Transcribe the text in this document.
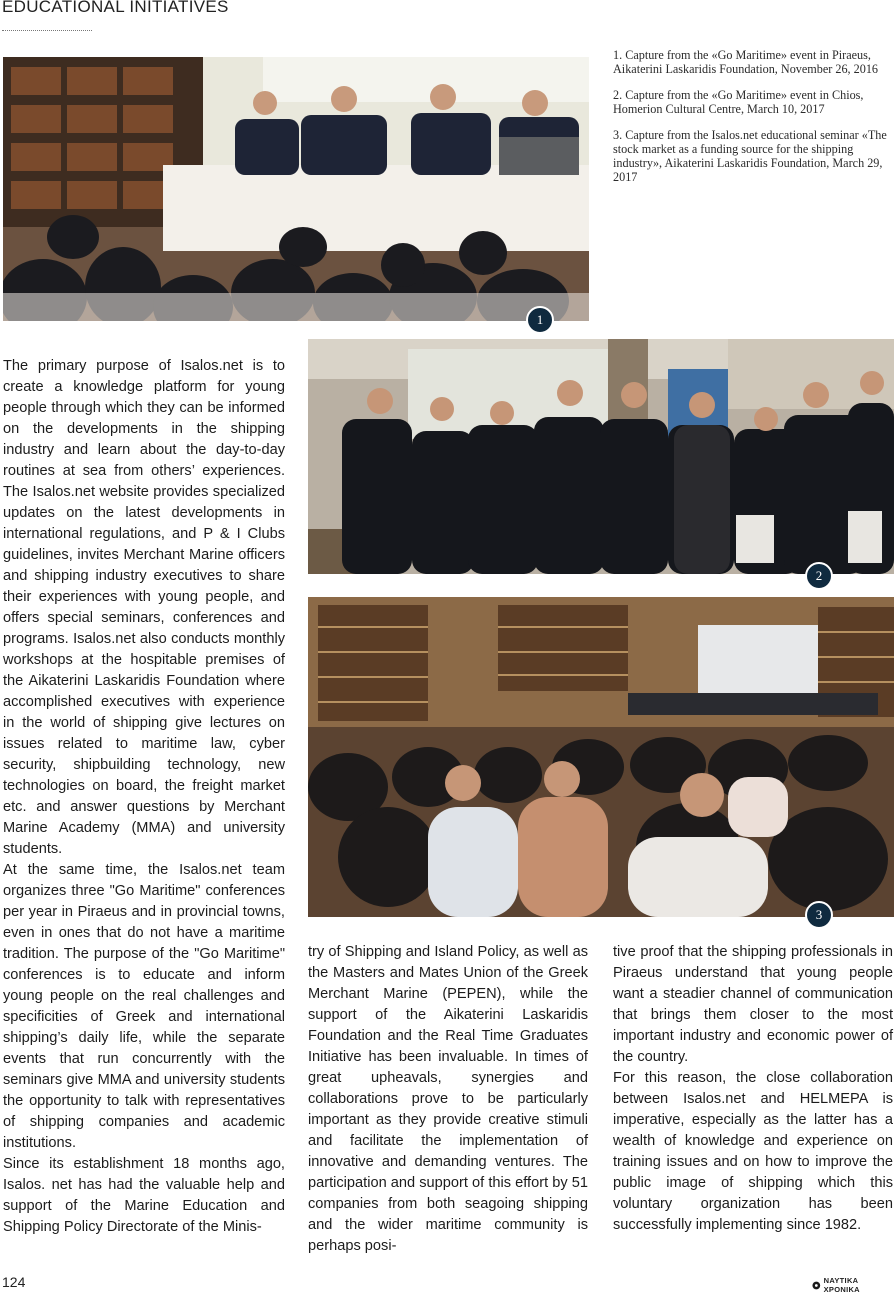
EDUCATIONAL INITIATIVES
1

1. Capture from the «Go Maritime» event in Piraeus, Aikaterini Laskaridis Foundation, November 26, 2016

2. Capture from the «Go Maritime» event in Chios, Homerion Cultural Centre, March 10, 2017

3. Capture from the Isalos.net educational seminar «The stock market as a funding source for the shipping industry», Aikaterini Laskaridis Foundation, March 29, 2017

2
3

The primary purpose of Isalos.net is to create a knowledge platform for young people through which they can be informed on the developments in the shipping industry and learn about the day-to-day routines at sea from others’ experiences. The Isalos.net website provides specialized updates on the latest developments in international regulations, and P & I Clubs guidelines, invites Merchant Marine officers and shipping industry executives to share their experiences with young people, and offers special seminars, conferences and programs. Isalos.net also conducts monthly workshops at the hospitable premises of the Aikaterini Laskaridis Foundation where accomplished executives with experience in the world of shipping give lectures on issues related to maritime law, cyber security, shipbuilding technology, new technologies on board, the freight market etc. and answer questions by Merchant Marine Academy (MMA) and university students.

At the same time, the Isalos.net team organizes three "Go Maritime" conferences per year in Piraeus and in provincial towns, even in ones that do not have a maritime tradition. The purpose of the "Go Maritime" conferences is to educate and inform young people on the real challenges and specificities of Greek and international shipping’s daily life, while the separate events that run concurrently with the seminars give MMA and university students the opportunity to talk with representatives of shipping companies and academic institutions.

Since its establishment 18 months ago, Isalos. net has had the valuable help and support of the Marine Education and Shipping Policy Directorate of the Minis-

try of Shipping and Island Policy, as well as the Masters and Mates Union of the Greek Merchant Marine (PEPEN), while the support of the Aikaterini Laskaridis Foundation and the Real Time Graduates Initiative has been invaluable. In times of great upheavals, synergies and collaborations prove to be particularly important as they provide creative stimuli and facilitate the implementation of innovative and demanding ventures. The participation and support of this effort by 51 companies from both seagoing shipping and the wider maritime community is perhaps posi-

tive proof that the shipping professionals in Piraeus understand that young people want a steadier channel of communication that brings them closer to the most important industry and economic power of the country.

For this reason, the close collaboration between Isalos.net and HELMEPA is imperative, especially as the latter has a wealth of knowledge and experience on training issues and on how to improve the public image of shipping which this voluntary organization has been successfully implementing since 1982.

124	ΝΑΥΤΙΚΑ ΧΡΟΝΙΚΑ
